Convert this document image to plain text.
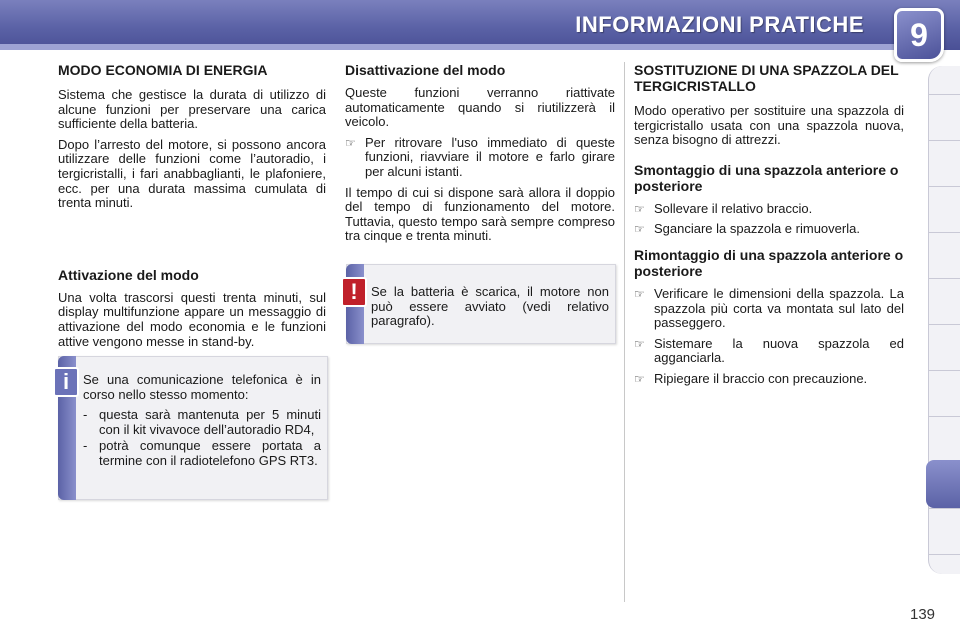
INFORMAZIONI PRATICHE	9
MODO ECONOMIA DI ENERGIA

Sistema che gestisce la durata di utilizzo di alcune funzioni per preservare una carica sufficiente della batteria.

Dopo l’arresto del motore, si possono ancora utilizzare delle funzioni come l’autoradio, i tergicristalli, i fari anabbaglianti, le plafoniere, ecc. per una durata massima cumulata di trenta minuti.

Attivazione del modo

Una volta trascorsi questi trenta minuti, sul display multifunzione appare un messaggio di attivazione del modo economia e le funzioni attive vengono messe in stand-by.

i	Se una comunicazione telefonica è in corso nello stesso momento:

- questa sarà mantenuta per 5 minuti con il kit vivavoce dell’autoradio RD4,
- potrà comunque essere portata a termine con il radiotelefono GPS RT3.
Disattivazione del modo

Queste funzioni verranno riattivate automaticamente quando si riutilizzerà il veicolo.

☞ Per ritrovare l'uso immediato di queste funzioni, riavviare il motore e farlo girare per alcuni istanti.

Il tempo di cui si dispone sarà allora il doppio del tempo di funzionamento del motore. Tuttavia, questo tempo sarà sempre compreso tra cinque e trenta minuti.

!	Se la batteria è scarica, il motore non può essere avviato (vedi relativo paragrafo).
SOSTITUZIONE DI UNA SPAZZOLA DEL TERGICRISTALLO

Modo operativo per sostituire una spazzola di tergicristallo usata con una spazzola nuova, senza bisogno di attrezzi.

Smontaggio di una spazzola anteriore o posteriore
☞ Sollevare il relativo braccio.
☞ Sganciare la spazzola e rimuoverla.
Rimontaggio di una spazzola anteriore o posteriore
☞ Verificare le dimensioni della spazzola. La spazzola più corta va montata sul lato del passeggero.
☞ Sistemare la nuova spazzola ed agganciarla.
☞ Ripiegare il braccio con precauzione.
139
